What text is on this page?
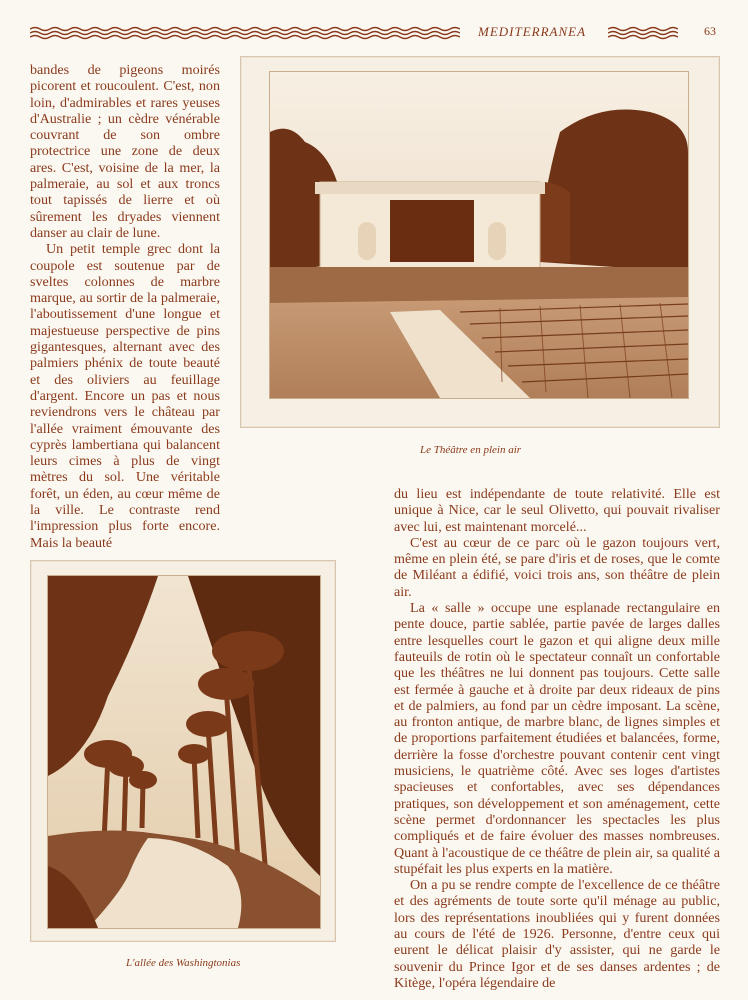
MEDITERRANEA	63

bandes de pigeons moirés picorent et roucoulent. C'est, non loin, d'admirables et rares yeuses d'Australie ; un cèdre vénérable couvrant de son ombre protectrice une zone de deux ares. C'est, voisine de la mer, la palmeraie, au sol et aux troncs tout tapissés de lierre et où sûrement les dryades viennent danser au clair de lune.

Un petit temple grec dont la coupole est soutenue par de sveltes colonnes de marbre marque, au sortir de la palmeraie, l'aboutissement d'une longue et majestueuse perspective de pins gigantesques, alternant avec des palmiers phénix de toute beauté et des oliviers au feuillage d'argent. Encore un pas et nous reviendrons vers le château par l'allée vraiment émouvante des cyprès lambertiana qui balancent leurs cimes à plus de vingt mètres du sol. Une véritable forêt, un éden, au cœur même de la ville. Le contraste rend l'impression plus forte encore. Mais la beauté

Le Théâtre en plein air
L'allée des Washingtonias

du lieu est indépendante de toute relativité. Elle est unique à Nice, car le seul Olivetto, qui pouvait rivaliser avec lui, est maintenant morcelé...

C'est au cœur de ce parc où le gazon toujours vert, même en plein été, se pare d'iris et de roses, que le comte de Miléant a édifié, voici trois ans, son théâtre de plein air.

La « salle » occupe une esplanade rectangulaire en pente douce, partie sablée, partie pavée de larges dalles entre lesquelles court le gazon et qui aligne deux mille fauteuils de rotin où le spectateur connaît un confortable que les théâtres ne lui donnent pas toujours. Cette salle est fermée à gauche et à droite par deux rideaux de pins et de palmiers, au fond par un cèdre imposant. La scène, au fronton antique, de marbre blanc, de lignes simples et de proportions parfaitement étudiées et balancées, forme, derrière la fosse d'orchestre pouvant contenir cent vingt musiciens, le quatrième côté. Avec ses loges d'artistes spacieuses et confortables, avec ses dépendances pratiques, son développement et son aménagement, cette scène permet d'ordonnancer les spectacles les plus compliqués et de faire évoluer des masses nombreuses. Quant à l'acoustique de ce théâtre de plein air, sa qualité a stupéfait les plus experts en la matière.

On a pu se rendre compte de l'excellence de ce théâtre et des agréments de toute sorte qu'il ménage au public, lors des représentations inoubliées qui y furent données au cours de l'été de 1926. Personne, d'entre ceux qui eurent le délicat plaisir d'y assister, qui ne garde le souvenir du Prince Igor et de ses danses ardentes ; de Kitège, l'opéra légendaire de
